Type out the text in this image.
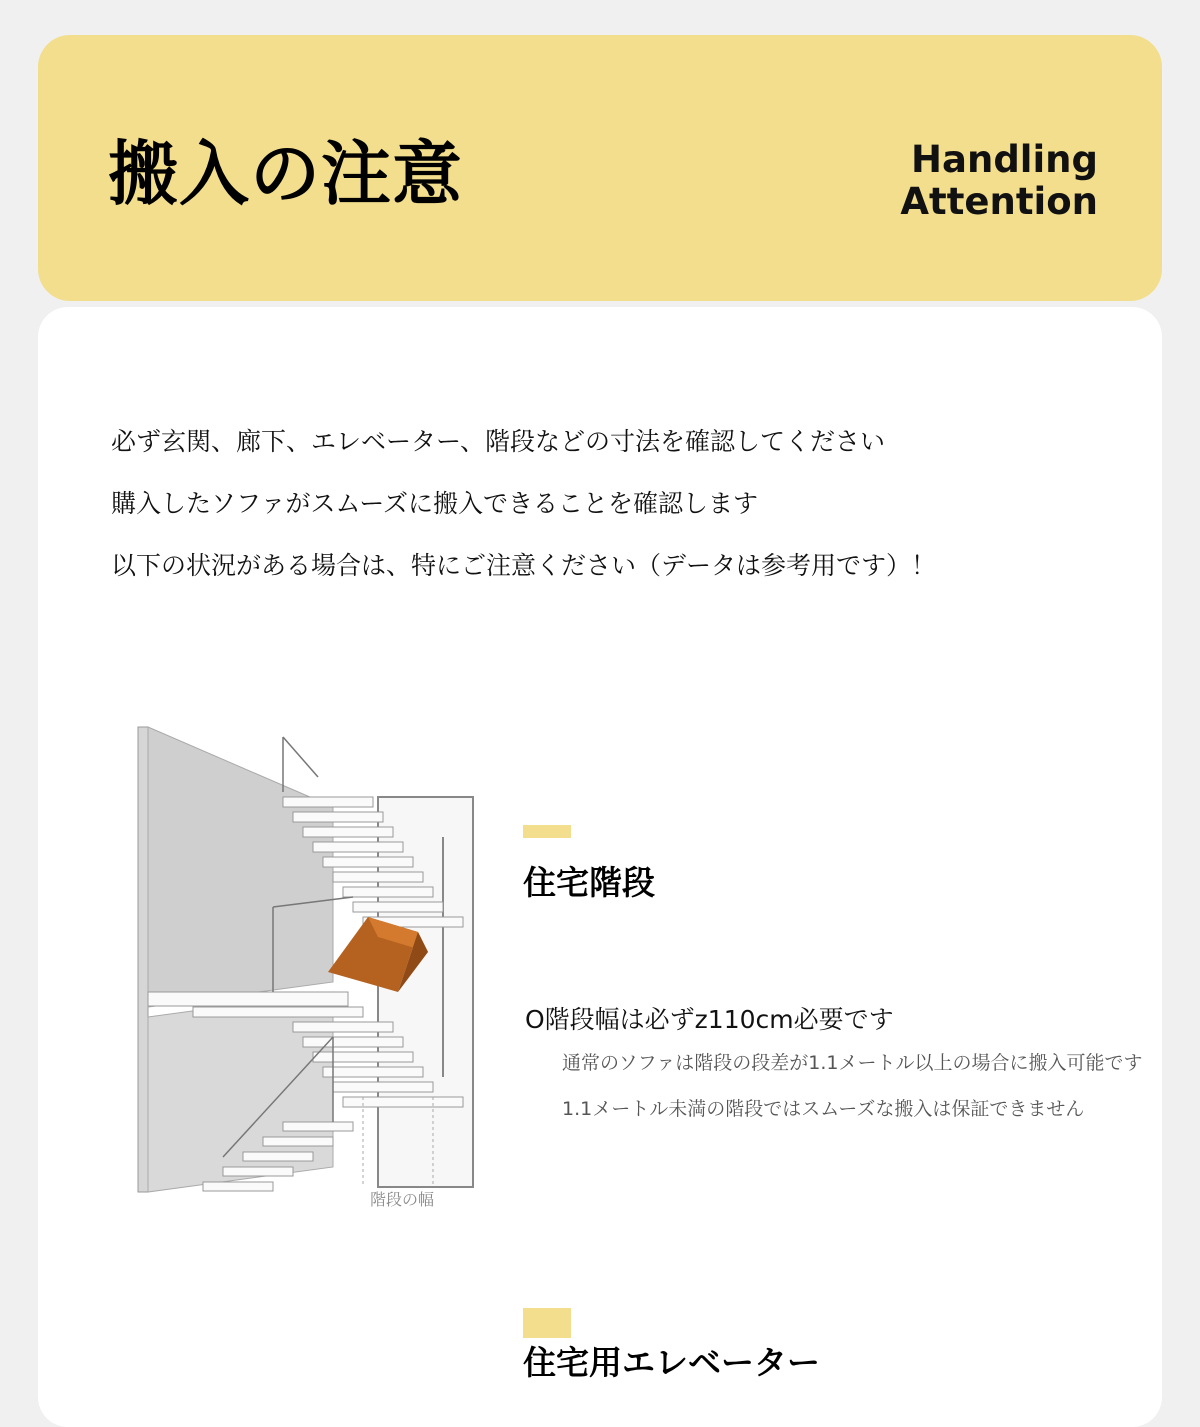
搬入の注意	Handling
Attention

必ず玄関、廊下、エレベーター、階段などの寸法を確認してください

購入したソファがスムーズに搬入できることを確認します

以下の状況がある場合は、特にご注意ください（データは参考用です）！

階段の幅
住宅階段
O階段幅は必ずz110cm必要です
通常のソファは階段の段差が1.1メートル以上の場合に搬入可能です
1.1メートル未満の階段ではスムーズな搬入は保証できません
住宅用エレベーター
